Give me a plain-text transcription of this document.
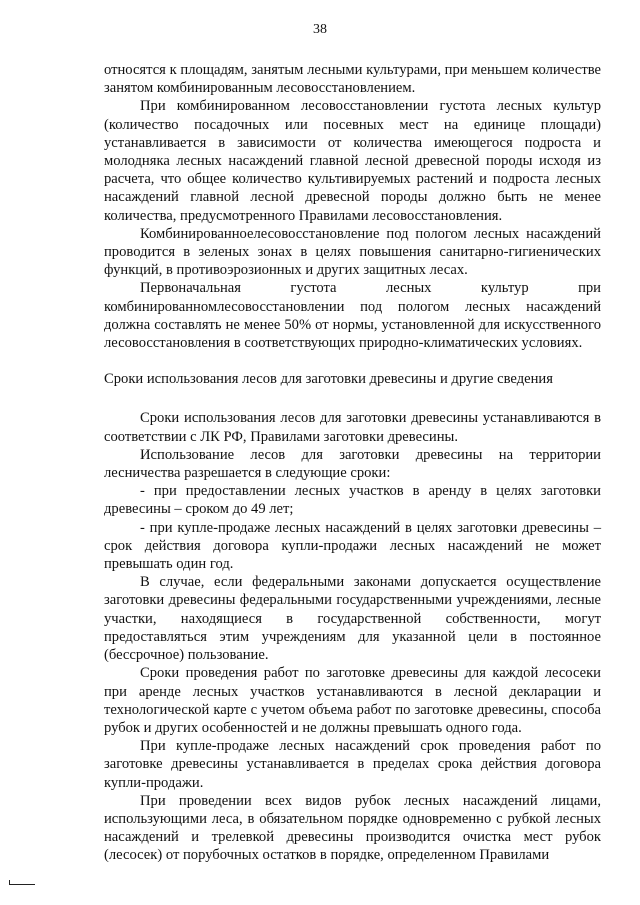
38

относятся к площадям, занятым лесными культурами, при меньшем количестве занятом комбинированным лесовосстановлением.

При комбинированном лесовосстановлении густота лесных культур (количество посадочных или посевных мест на единице площади) устанавливается в зависимости от количества имеющегося подроста и молодняка лесных насаждений главной лесной древесной породы исходя из расчета, что общее количество культивируемых растений и подроста лесных насаждений главной лесной древесной породы должно быть не менее количества, предусмотренного Правилами лесовосстановления.

Комбинированноелесовосстановление под пологом лесных насаждений проводится в зеленых зонах в целях повышения санитарно-гигиенических функций, в противоэрозионных и других защитных лесах.

Первоначальная густота лесных культур при комбинированномлесовосстановлении под пологом лесных насаждений должна составлять не менее 50% от нормы, установленной для искусственного лесовосстановления в соответствующих природно-климатических условиях.

Сроки использования лесов для заготовки древесины и другие сведения

Сроки использования лесов для заготовки древесины устанавливаются в соответствии с ЛК РФ, Правилами заготовки древесины.

Использование лесов для заготовки древесины на территории лесничества разрешается в следующие сроки:

- при предоставлении лесных участков в аренду в целях заготовки древесины – сроком до 49 лет;

- при купле-продаже лесных насаждений в целях заготовки древесины – срок действия договора купли-продажи лесных насаждений не может превышать один год.

В случае, если федеральными законами допускается осуществление заготовки древесины федеральными государственными учреждениями, лесные участки, находящиеся в государственной собственности, могут предоставляться этим учреждениям для указанной цели в постоянное (бессрочное) пользование.

Сроки проведения работ по заготовке древесины для каждой лесосеки при аренде лесных участков устанавливаются в лесной декларации и технологической карте с учетом объема работ по заготовке древесины, способа рубок и других особенностей и не должны превышать одного года.

При купле-продаже лесных насаждений срок проведения работ по заготовке древесины устанавливается в пределах срока действия договора купли-продажи.

При проведении всех видов рубок лесных насаждений лицами, использующими леса, в обязательном порядке одновременно с рубкой лесных насаждений и трелевкой древесины производится очистка мест рубок (лесосек) от порубочных остатков в порядке, определенном Правилами
